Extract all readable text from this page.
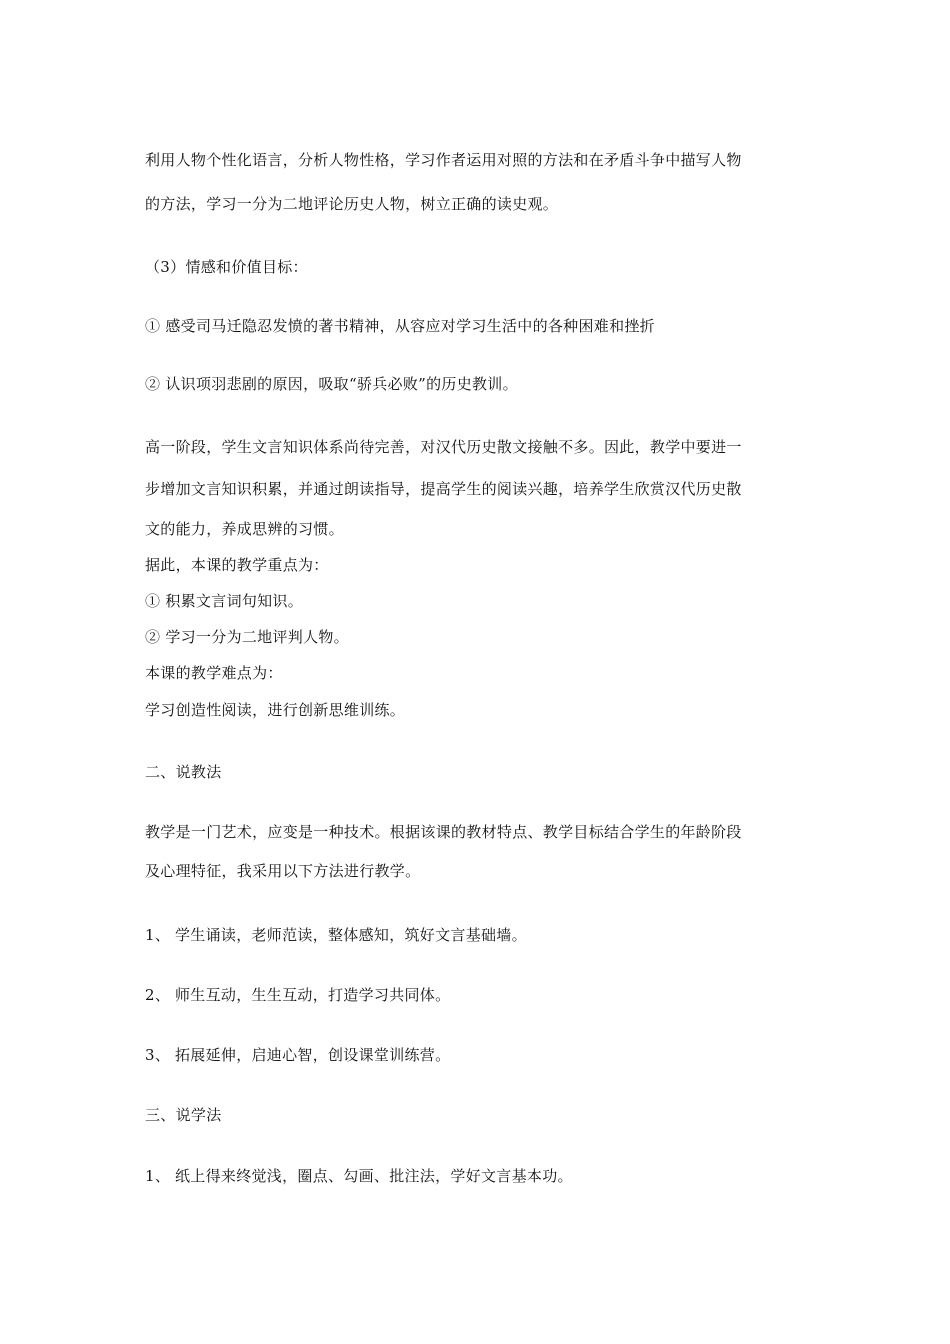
利用人物个性化语言，分析人物性格，学习作者运用对照的方法和在矛盾斗争中描写人物
的方法，学习一分为二地评论历史人物，树立正确的读史观。
（3）情感和价值目标：
① 感受司马迁隐忍发愤的著书精神，从容应对学习生活中的各种困难和挫折
② 认识项羽悲剧的原因，吸取“骄兵必败”的历史教训。
高一阶段，学生文言知识体系尚待完善，对汉代历史散文接触不多。因此，教学中要进一
步增加文言知识积累，并通过朗读指导，提高学生的阅读兴趣，培养学生欣赏汉代历史散
文的能力，养成思辨的习惯。
据此，本课的教学重点为：
① 积累文言词句知识。
② 学习一分为二地评判人物。
本课的教学难点为：
学习创造性阅读，进行创新思维训练。
二、说教法
教学是一门艺术，应变是一种技术。根据该课的教材特点、教学目标结合学生的年龄阶段
及心理特征，我采用以下方法进行教学。
1、 学生诵读，老师范读，整体感知，筑好文言基础墙。
2、 师生互动，生生互动，打造学习共同体。
3、 拓展延伸，启迪心智，创设课堂训练营。
三、说学法
1、 纸上得来终觉浅，圈点、勾画、批注法，学好文言基本功。
